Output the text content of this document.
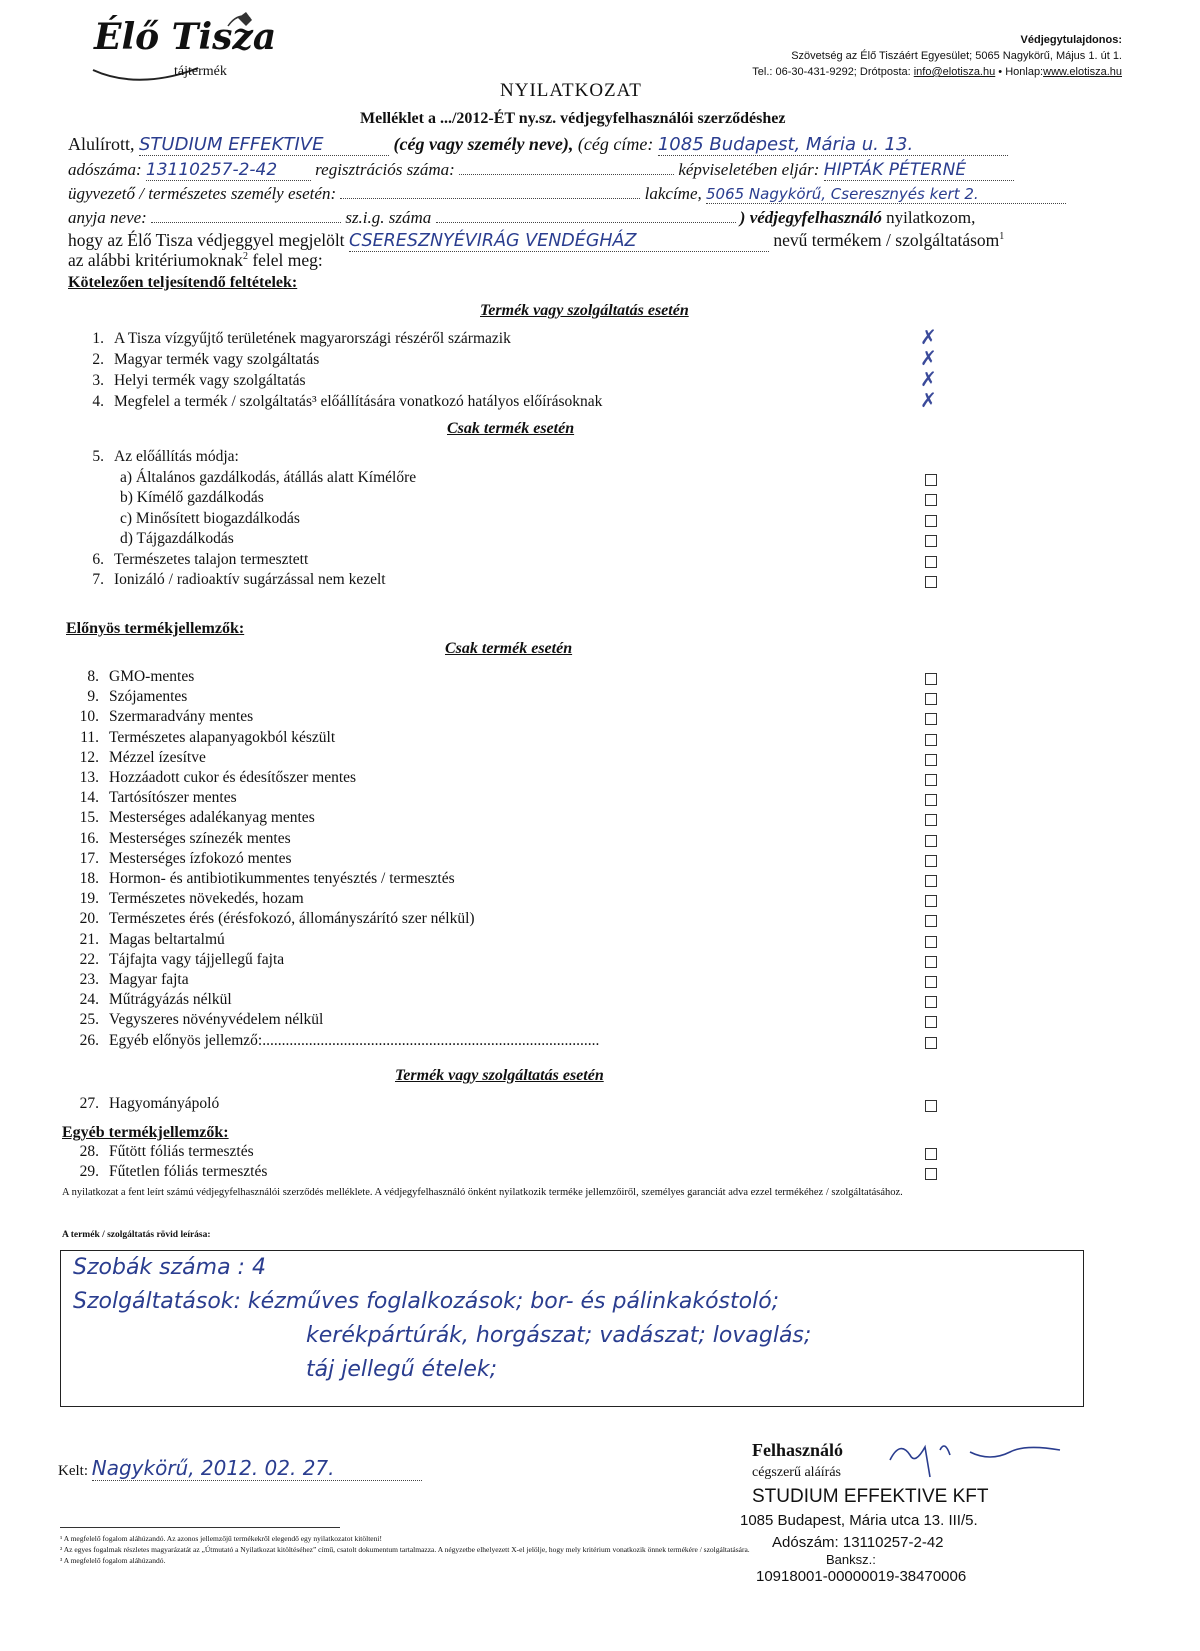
Élő Tisza
tájtermék
Védjegytulajdonos:
Szövetség az Élő Tiszáért Egyesület; 5065 Nagykörű, Május 1. út 1.
Tel.: 06-30-431-9292; Drótposta: info@elotisza.hu • Honlap:www.elotisza.hu
NYILATKOZAT
Melléklet a .../2012-ÉT ny.sz. védjegyfelhasználói szerződéshez
Alulírott, STUDIUM EFFEKTIVE	(cég vagy személy neve), (cég címe: 1085 Budapest, Mária u. 13.
adószáma: 13110257-2-42 regisztrációs száma:	képviseletében eljár: HIPTÁK PÉTERNÉ
ügyvezető / természetes személy esetén:	lakcíme, 5065 Nagykörű, Cseresznyés kert 2.
anyja neve:	sz.i.g. száma	) védjegyfelhasználó nyilatkozom,
hogy az Élő Tisza védjeggyel megjelölt CSERESZNYÉVIRÁG VENDÉGHÁZ	nevű termékem / szolgáltatásom$^1$
az alábbi kritériumoknak$^2$ felel meg:
Kötelezően teljesítendő feltételek:
Termék vagy szolgáltatás esetén
1. A Tisza vízgyűjtő területének magyarországi részéről származik	✗
2. Magyar termék vagy szolgáltatás	✗
3. Helyi termék vagy szolgáltatás	✗
4. Megfelel a termék / szolgáltatás³ előállítására vonatkozó hatályos előírásoknak	✗
Csak termék esetén
5. Az előállítás módja:
a) Általános gazdálkodás, átállás alatt Kímélőre
b) Kímélő gazdálkodás
c) Minősített biogazdálkodás
d) Tájgazdálkodás
6. Természetes talajon termesztett
7. Ionizáló / radioaktív sugárzással nem kezelt
Előnyös termékjellemzők:
Csak termék esetén
8. GMO-mentes
9. Szójamentes
10. Szermaradvány mentes
11. Természetes alapanyagokból készült
12. Mézzel ízesítve
13. Hozzáadott cukor és édesítőszer mentes
14. Tartósítószer mentes
15. Mesterséges adalékanyag mentes
16. Mesterséges színezék mentes
17. Mesterséges ízfokozó mentes
18. Hormon- és antibiotikummentes tenyésztés / termesztés
19. Természetes növekedés, hozam
20. Természetes érés (érésfokozó, állományszárító szer nélkül)
21. Magas beltartalmú
22. Tájfajta vagy tájjellegű fajta
23. Magyar fajta
24. Műtrágyázás nélkül
25. Vegyszeres növényvédelem nélkül
26. Egyéb előnyös jellemző:.......................................................................................
Termék vagy szolgáltatás esetén
27. Hagyományápoló
Egyéb termékjellemzők:
28. Fűtött fóliás termesztés
29. Fűtetlen fóliás termesztés
A nyilatkozat a fent leírt számú védjegyfelhasználói szerződés melléklete. A védjegyfelhasználó önként nyilatkozik terméke jellemzőiről, személyes garanciát adva ezzel termékéhez / szolgáltatásához.
A termék / szolgáltatás rövid leírása:
Szobák száma : 4
Szolgáltatások: kézműves foglalkozások; bor- és pálinkakóstoló;
kerékpártúrák, horgászat; vadászat; lovaglás;
táj jellegű ételek;
Kelt: Nagykörű, 2012. 02. 27.
Felhasználó
cégszerű aláírás
STUDIUM EFFEKTIVE KFT
1085 Budapest, Mária utca 13. III/5.
Adószám: 13110257-2-42
Banksz.:
10918001-00000019-38470006
¹ A megfelelő fogalom aláhúzandó. Az azonos jellemzőjű termékekről elegendő egy nyilatkozatot kitölteni!
² Az egyes fogalmak részletes magyarázatát az „Útmutató a Nyilatkozat kitöltéséhez” című, csatolt dokumentum tartalmazza. A négyzetbe elhelyezett X-el jelölje, hogy mely kritérium vonatkozik önnek termékére / szolgáltatására.
³ A megfelelő fogalom aláhúzandó.
